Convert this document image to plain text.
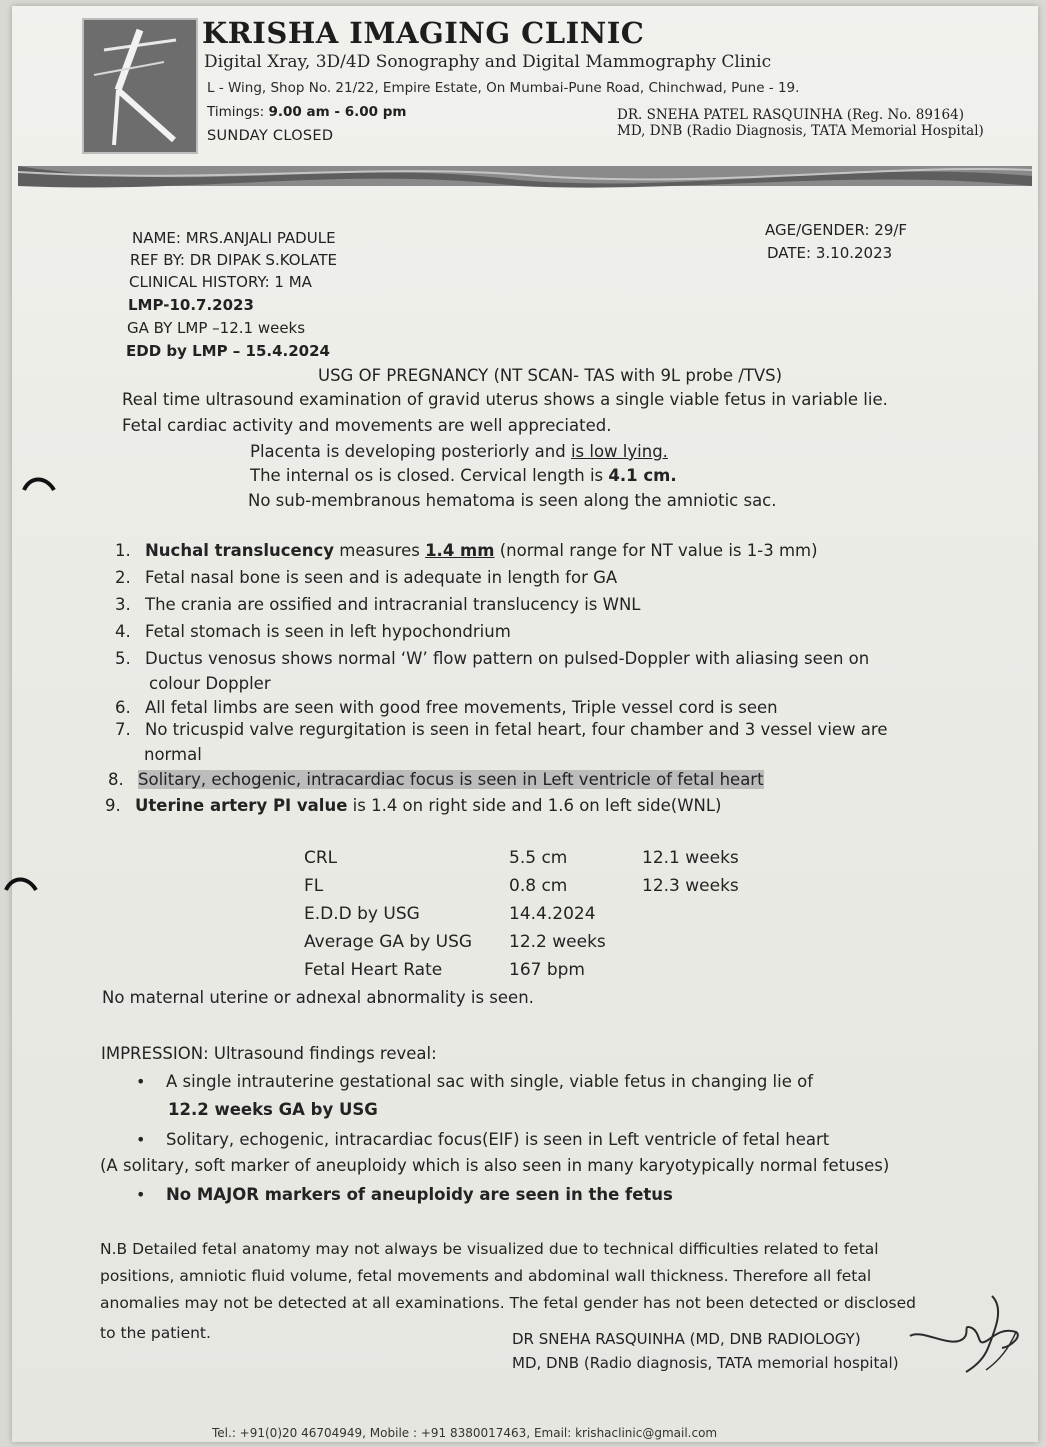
KRISHA IMAGING CLINIC
Digital Xray, 3D/4D Sonography and Digital Mammography Clinic
L - Wing, Shop No. 21/22, Empire Estate, On Mumbai-Pune Road, Chinchwad, Pune - 19.
Timings: 9.00 am - 6.00 pm
SUNDAY CLOSED
DR. SNEHA PATEL RASQUINHA (Reg. No. 89164)
MD, DNB (Radio Diagnosis, TATA Memorial Hospital)
NAME: MRS.ANJALI PADULE
REF BY: DR DIPAK S.KOLATE
CLINICAL HISTORY: 1 MA
LMP-10.7.2023
GA BY LMP –12.1 weeks
EDD by LMP – 15.4.2024
AGE/GENDER: 29/F
DATE: 3.10.2023
USG OF PREGNANCY (NT SCAN- TAS with 9L probe /TVS)
Real time ultrasound examination of gravid uterus shows a single viable fetus in variable lie.
Fetal cardiac activity and movements are well appreciated.
Placenta is developing posteriorly and is low lying.
The internal os is closed. Cervical length is 4.1 cm.
No sub-membranous hematoma is seen along the amniotic sac.
1. Nuchal translucency measures 1.4 mm (normal range for NT value is 1-3 mm)
2. Fetal nasal bone is seen and is adequate in length for GA
3. The crania are ossified and intracranial translucency is WNL
4. Fetal stomach is seen in left hypochondrium
5. Ductus venosus shows normal ‘W’ flow pattern on pulsed-Doppler with aliasing seen on
colour Doppler
6. All fetal limbs are seen with good free movements, Triple vessel cord is seen
7. No tricuspid valve regurgitation is seen in fetal heart, four chamber and 3 vessel view are
normal
8. Solitary, echogenic, intracardiac focus is seen in Left ventricle of fetal heart
9. Uterine artery PI value is 1.4 on right side and 1.6 on left side(WNL)
CRL	5.5 cm	12.1 weeks
FL	0.8 cm	12.3 weeks
E.D.D by USG	14.4.2024	
Average GA by USG	12.2 weeks	
Fetal Heart Rate	167 bpm	
No maternal uterine or adnexal abnormality is seen.
IMPRESSION: Ultrasound findings reveal:
• A single intrauterine gestational sac with single, viable fetus in changing lie of
12.2 weeks GA by USG
• Solitary, echogenic, intracardiac focus(EIF) is seen in Left ventricle of fetal heart
(A solitary, soft marker of aneuploidy which is also seen in many karyotypically normal fetuses)
• No MAJOR markers of aneuploidy are seen in the fetus
N.B Detailed fetal anatomy may not always be visualized due to technical difficulties related to fetal
positions, amniotic fluid volume, fetal movements and abdominal wall thickness. Therefore all fetal
anomalies may not be detected at all examinations. The fetal gender has not been detected or disclosed
to the patient.	DR SNEHA RASQUINHA (MD, DNB RADIOLOGY)
MD, DNB (Radio diagnosis, TATA memorial hospital)
Tel.: +91(0)20 46704949, Mobile : +91 8380017463, Email: krishaclinic@gmail.com
